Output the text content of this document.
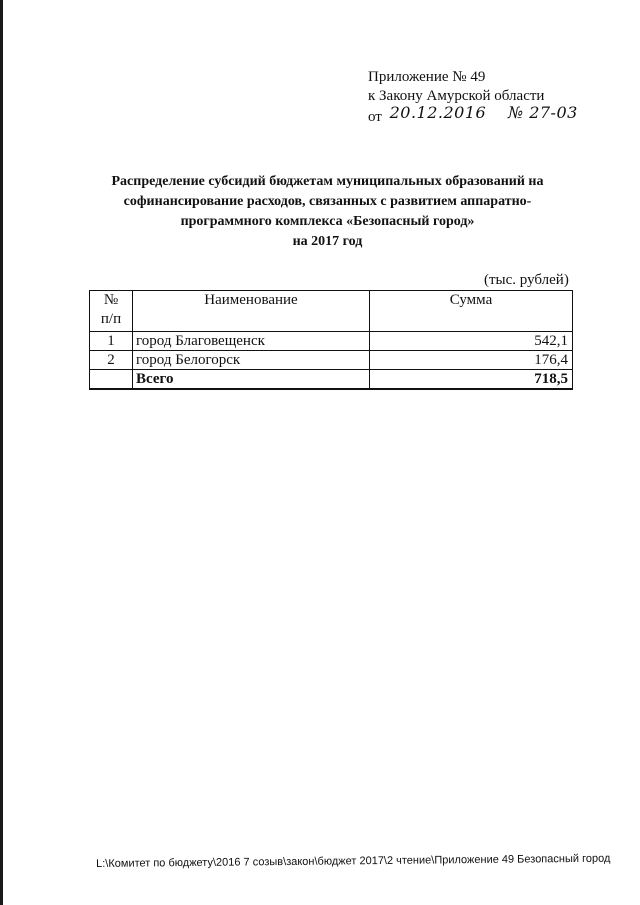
Приложение № 49
к Закону Амурской области
от 20.12.2016 № 27-03
Распределение субсидий бюджетам муниципальных образований на
софинансирование расходов, связанных с развитием аппаратно-
программного комплекса «Безопасный город»
на 2017 год
(тыс. рублей)
№
п/п	Наименование	Сумма
1	город Благовещенск	542,1
2	город Белогорск	176,4
	Всего	718,5
L:\Комитет по бюджету\2016 7 созыв\закон\бюджет 2017\2 чтение\Приложение 49 Безопасный город
